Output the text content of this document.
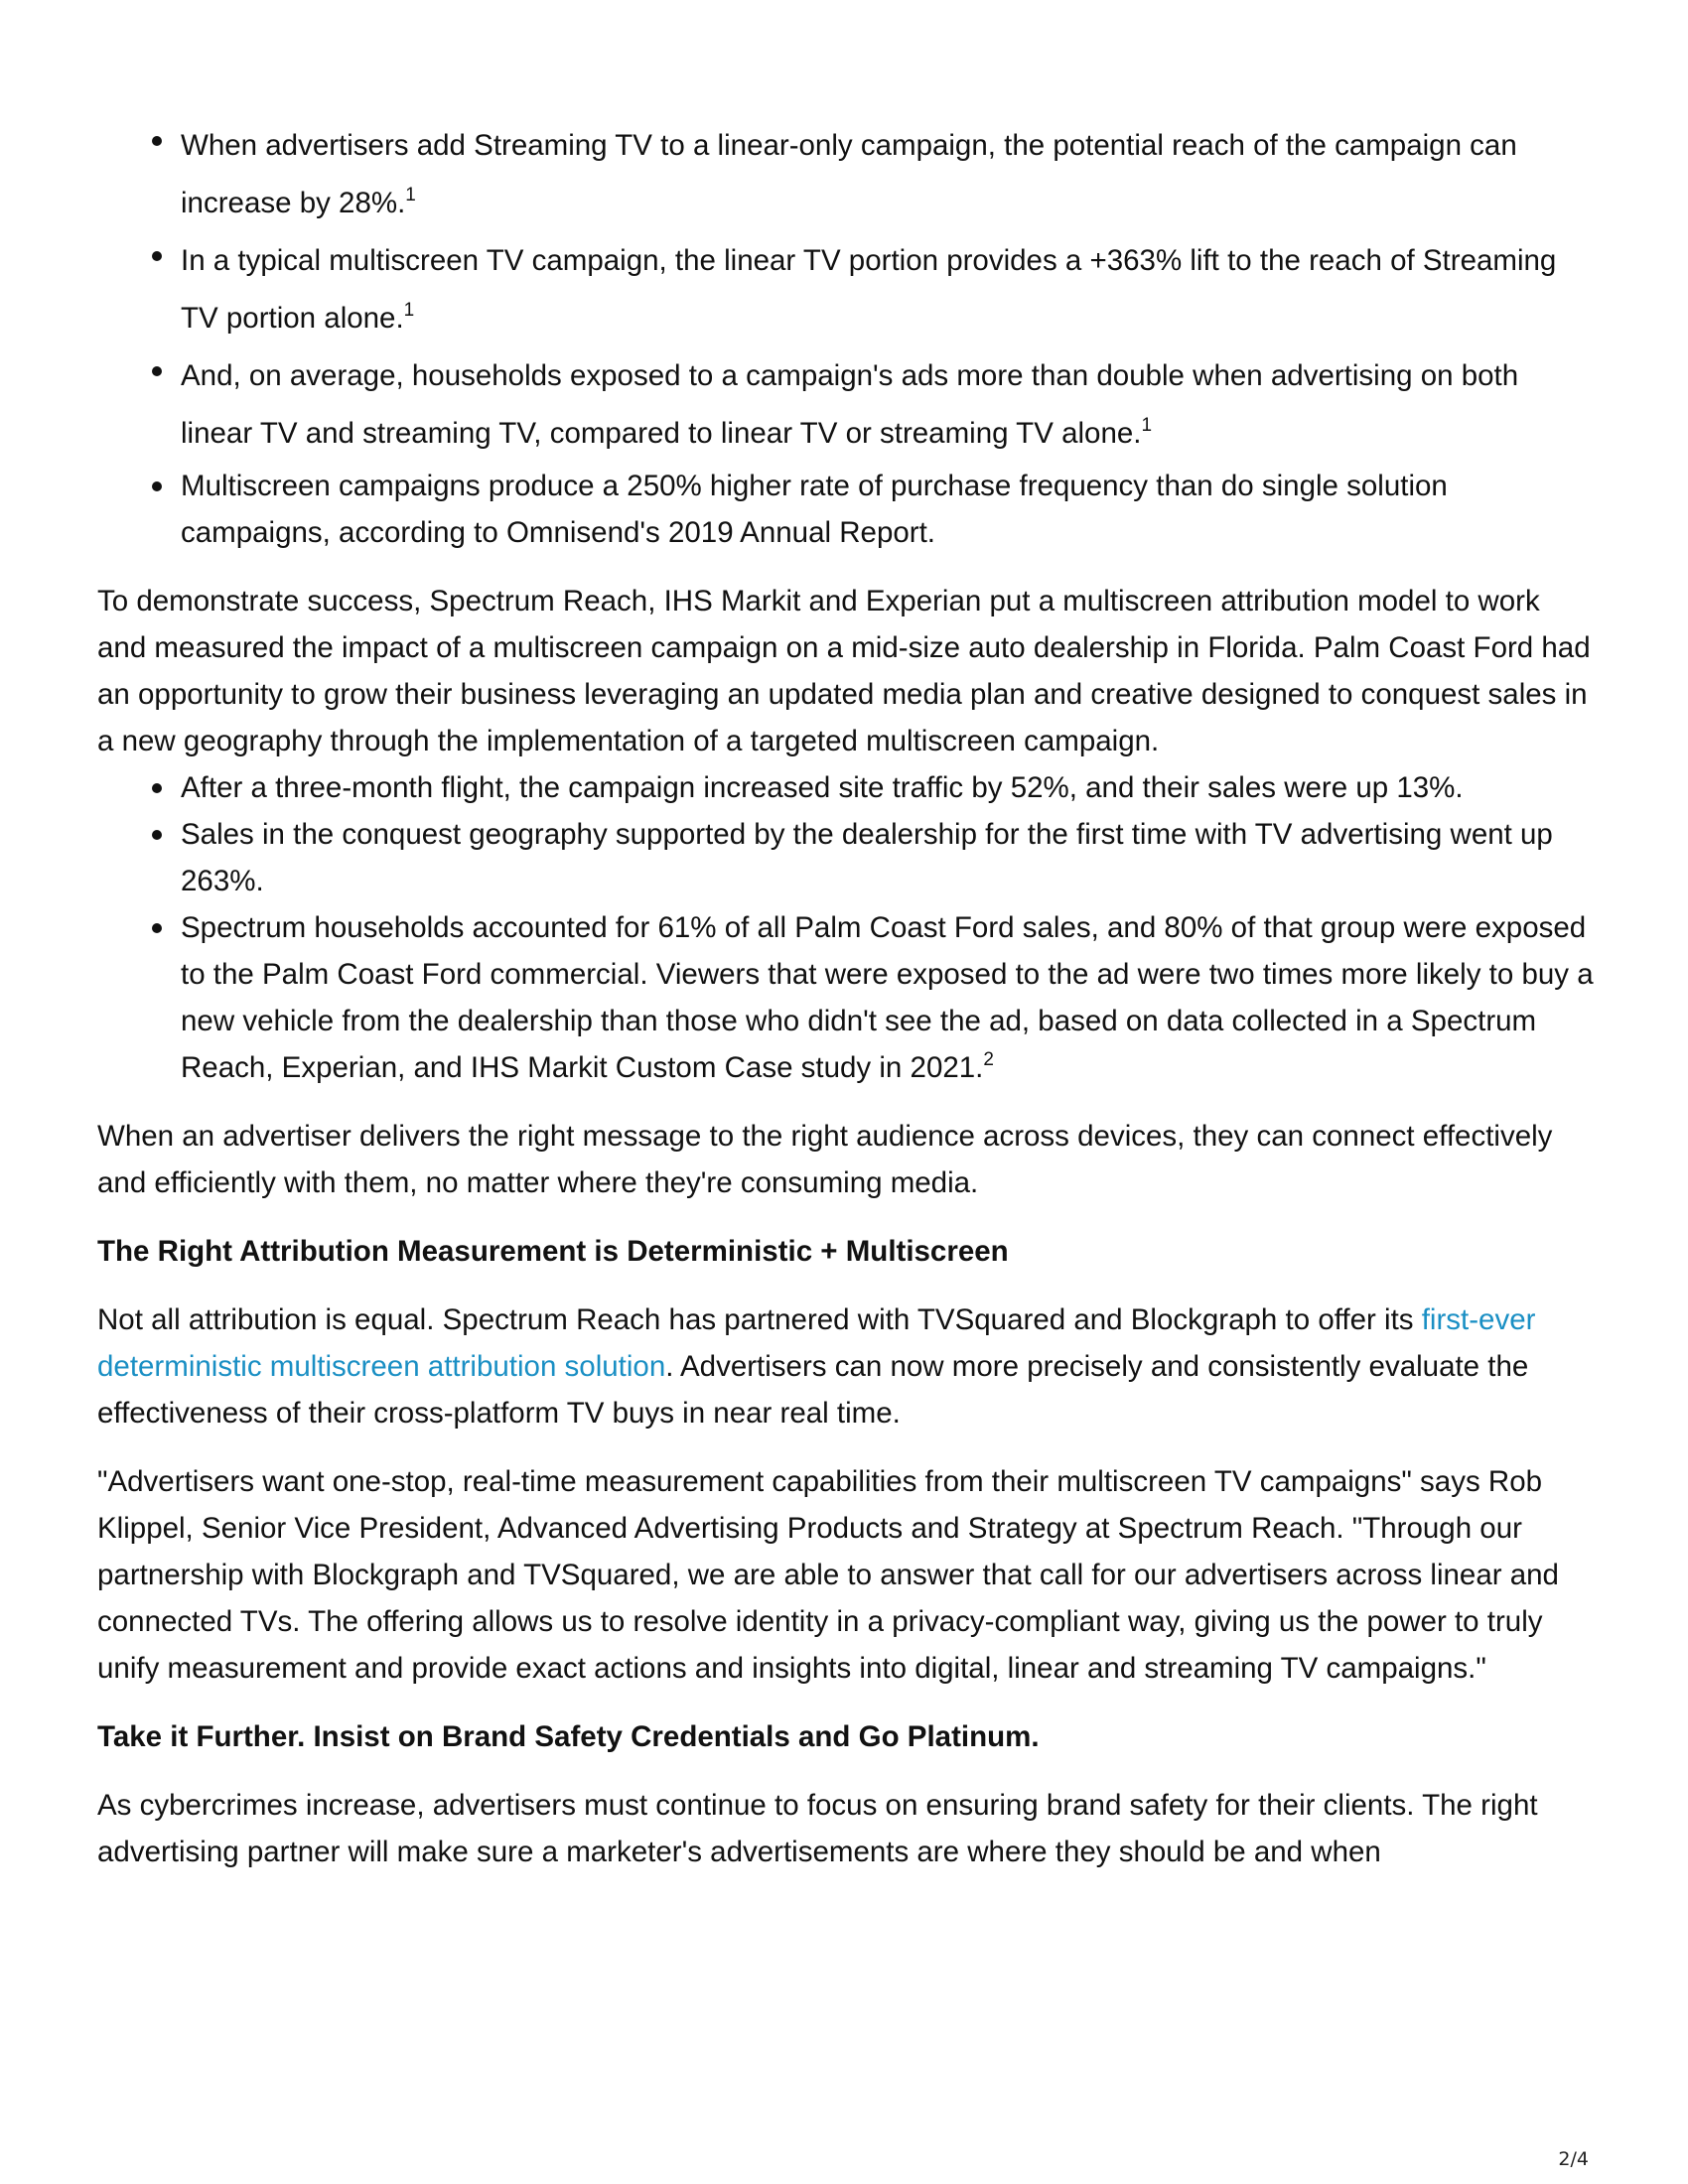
When advertisers add Streaming TV to a linear-only campaign, the potential reach of the campaign can increase by 28%.$^1$
In a typical multiscreen TV campaign, the linear TV portion provides a +363% lift to the reach of Streaming TV portion alone.$^1$
And, on average, households exposed to a campaign's ads more than double when advertising on both linear TV and streaming TV, compared to linear TV or streaming TV alone.$^1$
Multiscreen campaigns produce a 250% higher rate of purchase frequency than do single solution campaigns, according to Omnisend's 2019 Annual Report.

To demonstrate success, Spectrum Reach, IHS Markit and Experian put a multiscreen attribution model to work and measured the impact of a multiscreen campaign on a mid-size auto dealership in Florida. Palm Coast Ford had an opportunity to grow their business leveraging an updated media plan and creative designed to conquest sales in a new geography through the implementation of a targeted multiscreen campaign.

After a three-month flight, the campaign increased site traffic by 52%, and their sales were up 13%.
Sales in the conquest geography supported by the dealership for the first time with TV advertising went up 263%.
Spectrum households accounted for 61% of all Palm Coast Ford sales, and 80% of that group were exposed to the Palm Coast Ford commercial. Viewers that were exposed to the ad were two times more likely to buy a new vehicle from the dealership than those who didn't see the ad, based on data collected in a Spectrum Reach, Experian, and IHS Markit Custom Case study in 2021.$^2$

When an advertiser delivers the right message to the right audience across devices, they can connect effectively and efficiently with them, no matter where they're consuming media.

The Right Attribution Measurement is Deterministic + Multiscreen

Not all attribution is equal. Spectrum Reach has partnered with TVSquared and Blockgraph to offer its first-ever deterministic multiscreen attribution solution. Advertisers can now more precisely and consistently evaluate the effectiveness of their cross-platform TV buys in near real time.

"Advertisers want one-stop, real-time measurement capabilities from their multiscreen TV campaigns" says Rob Klippel, Senior Vice President, Advanced Advertising Products and Strategy at Spectrum Reach. "Through our partnership with Blockgraph and TVSquared, we are able to answer that call for our advertisers across linear and connected TVs. The offering allows us to resolve identity in a privacy-compliant way, giving us the power to truly unify measurement and provide exact actions and insights into digital, linear and streaming TV campaigns."

Take it Further. Insist on Brand Safety Credentials and Go Platinum.

As cybercrimes increase, advertisers must continue to focus on ensuring brand safety for their clients. The right advertising partner will make sure a marketer's advertisements are where they should be and when

2/4
